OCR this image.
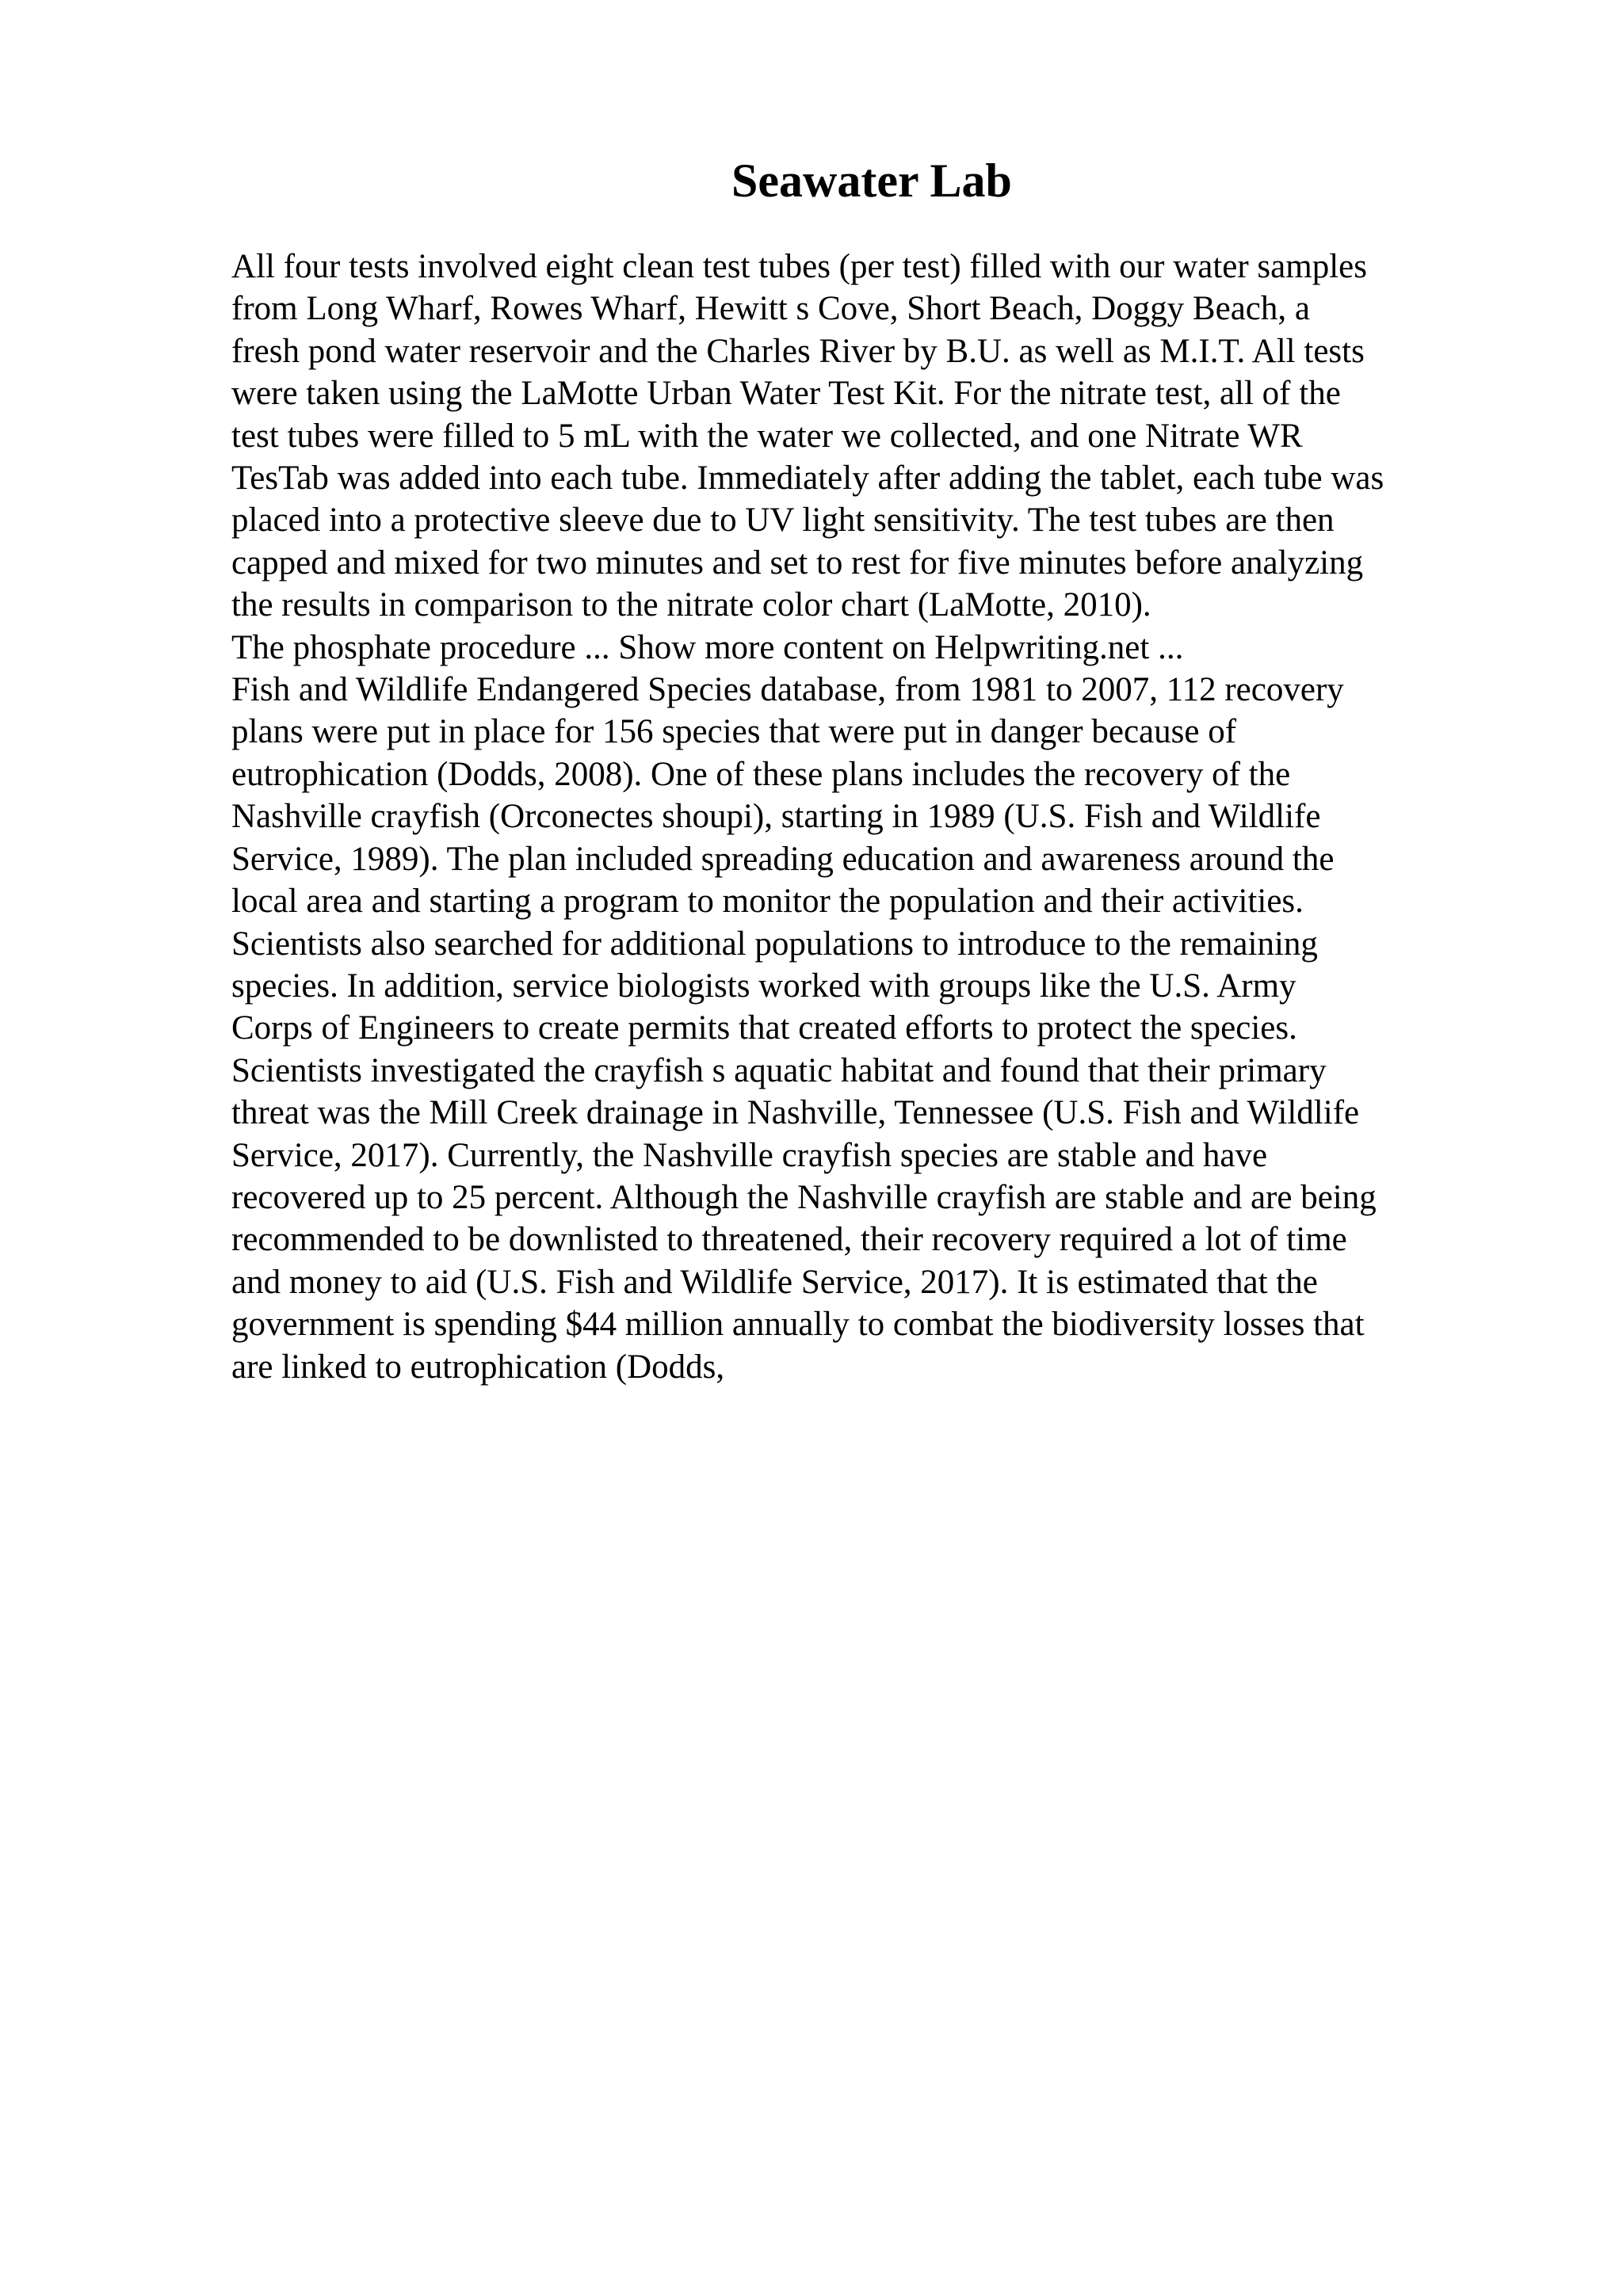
Seawater Lab
All four tests involved eight clean test tubes (per test) filled with our water samples
from Long Wharf, Rowes Wharf, Hewitt s Cove, Short Beach, Doggy Beach, a
fresh pond water reservoir and the Charles River by B.U. as well as M.I.T. All tests
were taken using the LaMotte Urban Water Test Kit. For the nitrate test, all of the
test tubes were filled to 5 mL with the water we collected, and one Nitrate WR
TesTab was added into each tube. Immediately after adding the tablet, each tube was
placed into a protective sleeve due to UV light sensitivity. The test tubes are then
capped and mixed for two minutes and set to rest for five minutes before analyzing
the results in comparison to the nitrate color chart (LaMotte, 2010).
The phosphate procedure ... Show more content on Helpwriting.net ...
Fish and Wildlife Endangered Species database, from 1981 to 2007, 112 recovery
plans were put in place for 156 species that were put in danger because of
eutrophication (Dodds, 2008). One of these plans includes the recovery of the
Nashville crayfish (Orconectes shoupi), starting in 1989 (U.S. Fish and Wildlife
Service, 1989). The plan included spreading education and awareness around the
local area and starting a program to monitor the population and their activities.
Scientists also searched for additional populations to introduce to the remaining
species. In addition, service biologists worked with groups like the U.S. Army
Corps of Engineers to create permits that created efforts to protect the species.
Scientists investigated the crayfish s aquatic habitat and found that their primary
threat was the Mill Creek drainage in Nashville, Tennessee (U.S. Fish and Wildlife
Service, 2017). Currently, the Nashville crayfish species are stable and have
recovered up to 25 percent. Although the Nashville crayfish are stable and are being
recommended to be downlisted to threatened, their recovery required a lot of time
and money to aid (U.S. Fish and Wildlife Service, 2017). It is estimated that the
government is spending $44 million annually to combat the biodiversity losses that
are linked to eutrophication (Dodds,
